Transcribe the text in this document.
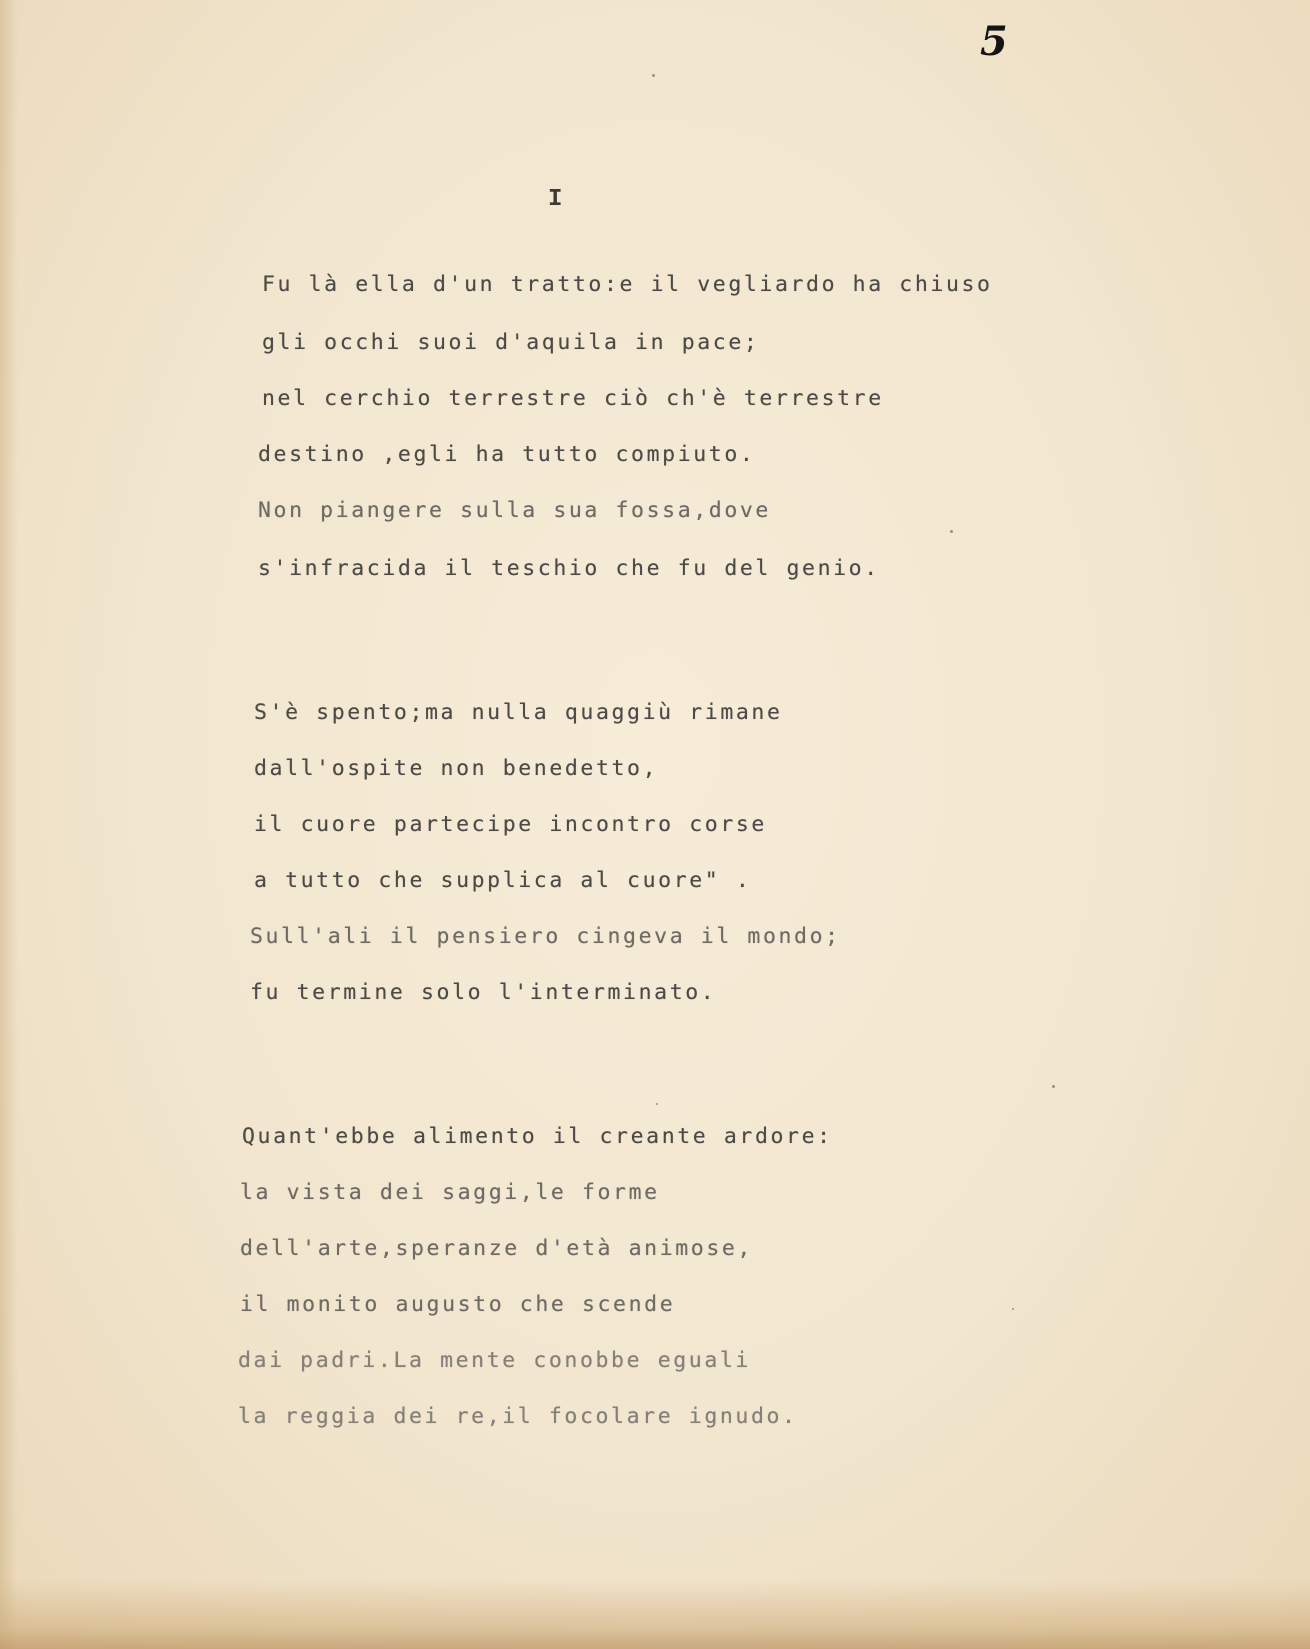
5
I
Fu là ella d'un tratto:e il vegliardo ha chiuso
gli occhi suoi d'aquila in pace;
nel cerchio terrestre ciò ch'è terrestre
destino ,egli ha tutto compiuto.
Non piangere sulla sua fossa,dove
s'infracida il teschio che fu del genio.
S'è spento;ma nulla quaggiù rimane
dall'ospite non benedetto,
il cuore partecipe incontro corse
a tutto che supplica al cuore" .
Sull'ali il pensiero cingeva il mondo;
fu termine solo l'interminato.
Quant'ebbe alimento il creante ardore:
la vista dei saggi,le forme
dell'arte,speranze d'età animose,
il monito augusto che scende
dai padri.La mente conobbe eguali
la reggia dei re,il focolare ignudo.
